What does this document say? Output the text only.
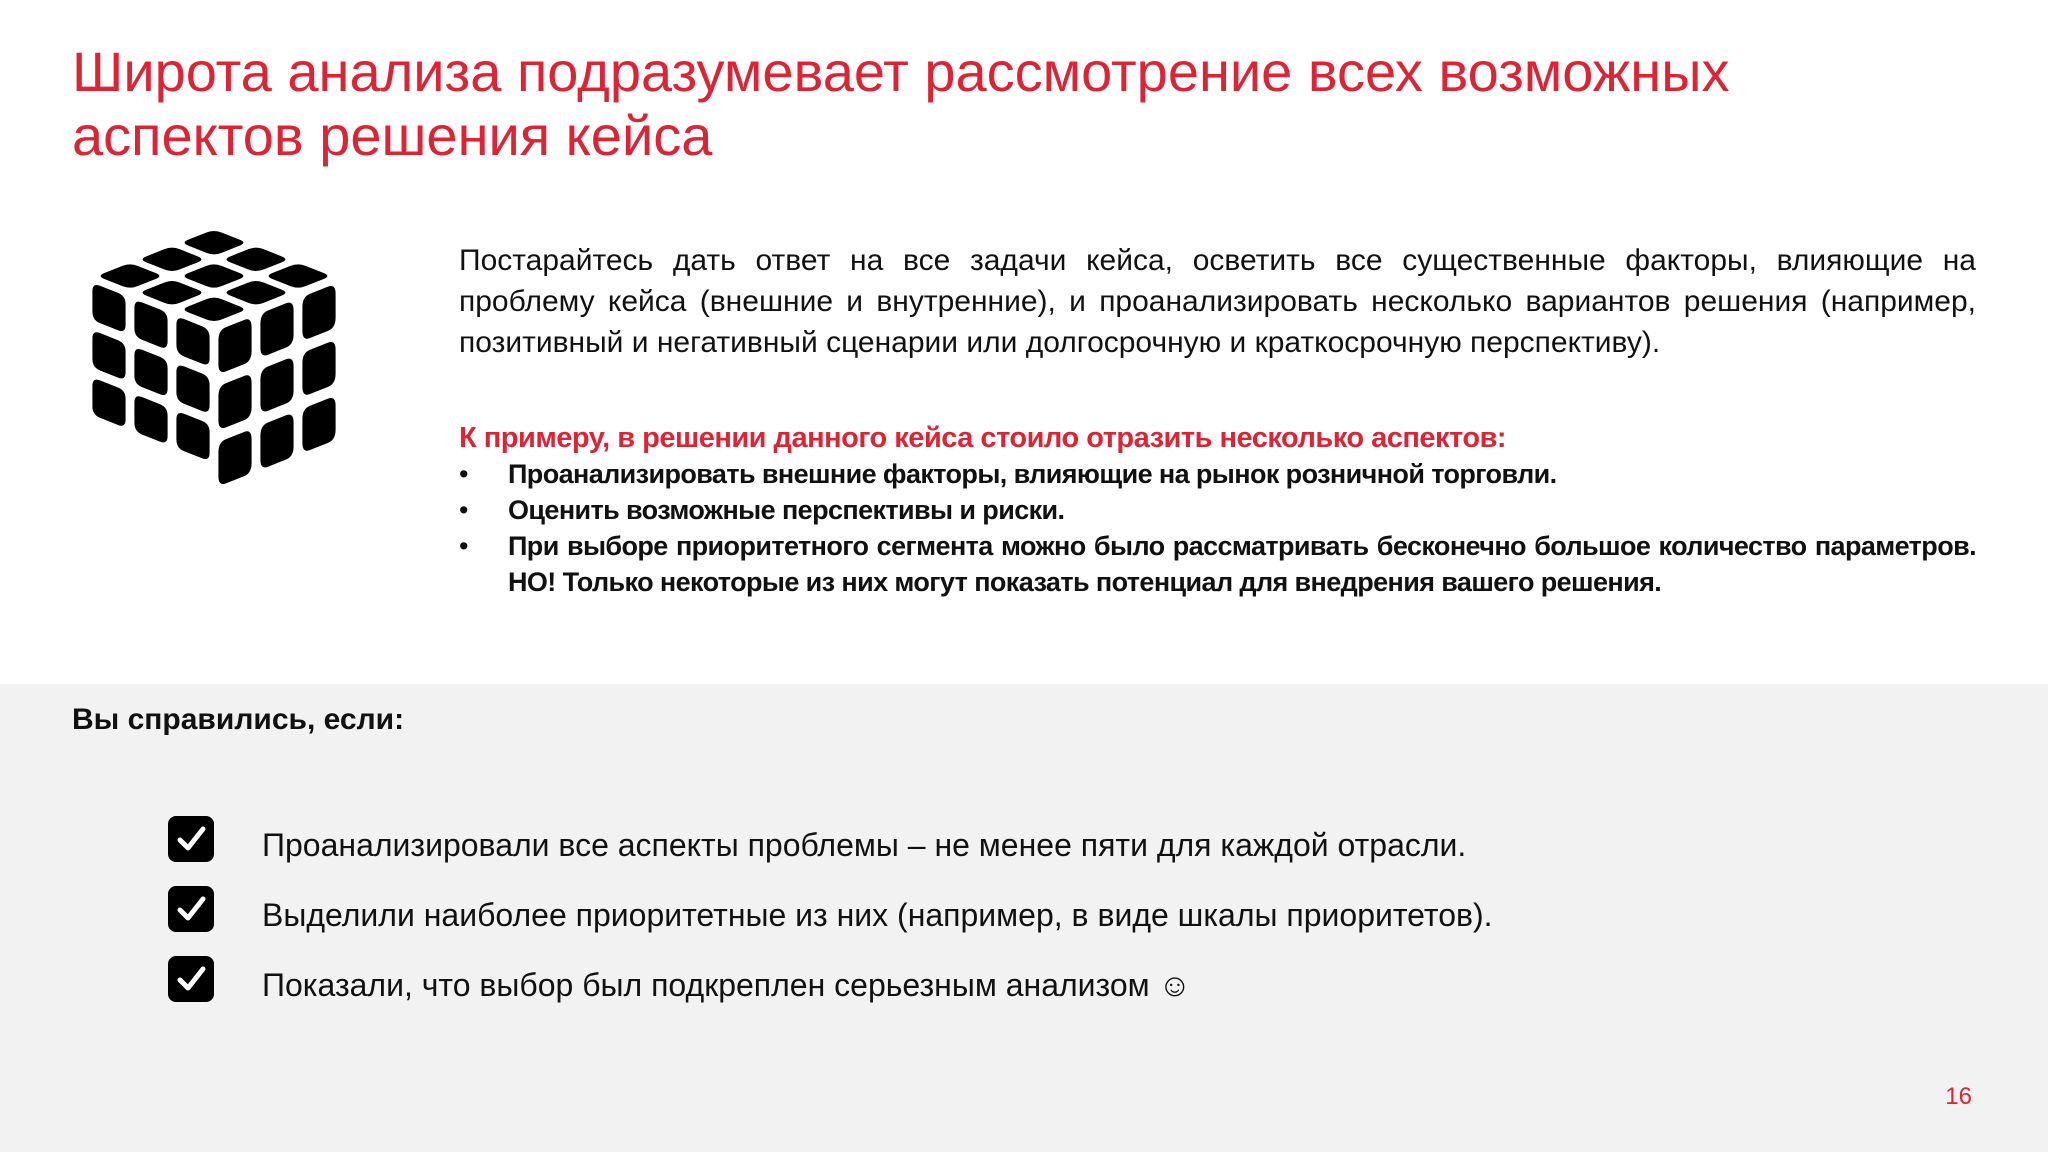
Широта анализа подразумевает рассмотрение всех возможных аспектов решения кейса

Постарайтесь дать ответ на все задачи кейса, осветить все существенные факторы, влияющие на проблему кейса (внешние и внутренние), и проанализировать несколько вариантов решения (например, позитивный и негативный сценарии или долгосрочную и краткосрочную перспективу).

К примеру, в решении данного кейса стоило отразить несколько аспектов:

• Проанализировать внешние факторы, влияющие на рынок розничной торговли.
• Оценить возможные перспективы и риски.
• При выборе приоритетного сегмента можно было рассматривать бесконечно большое количество параметров. НО! Только некоторые из них могут показать потенциал для внедрения вашего решения.

Вы справились, если:

Проанализировали все аспекты проблемы – не менее пяти для каждой отрасли.
Выделили наиболее приоритетные из них (например, в виде шкалы приоритетов).
Показали, что выбор был подкреплен серьезным анализом ☺
16
